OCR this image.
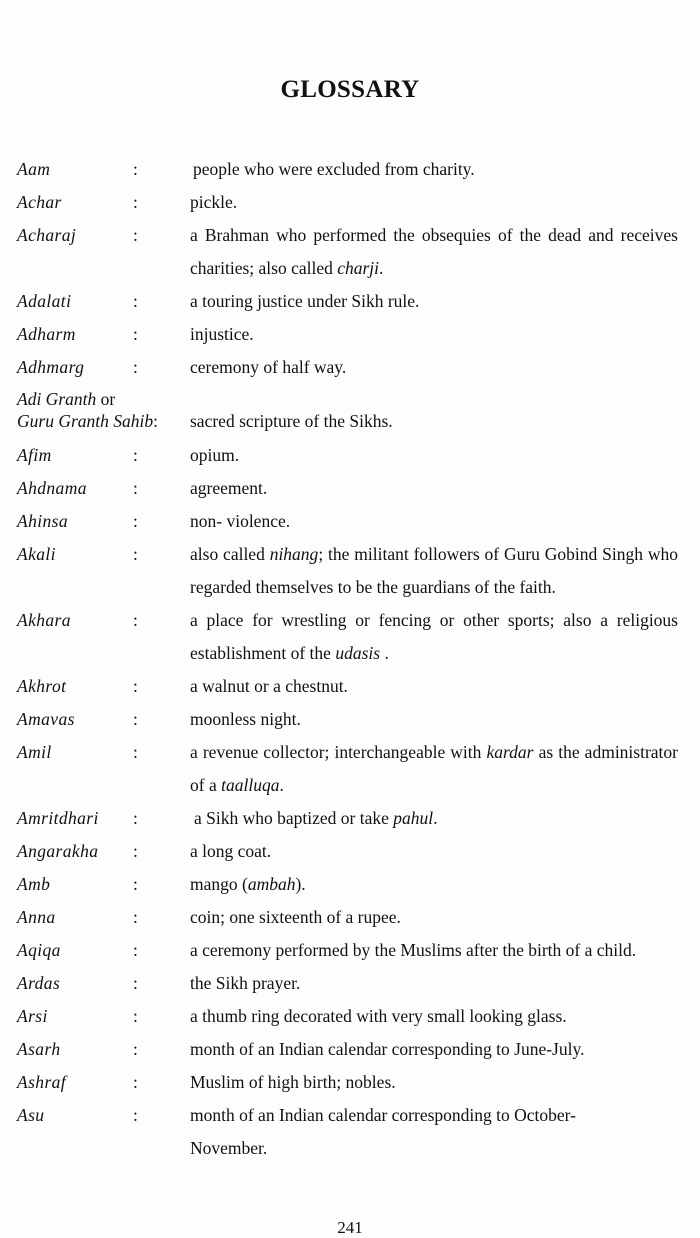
GLOSSARY
Aam	:	people who were excluded from charity.
Achar	:	pickle.
Acharaj	:	a Brahman who performed the obsequies of the dead and receives charities; also called charji.
Adalati	:	a touring justice under Sikh rule.
Adharm	:	injustice.
Adhmarg	:	ceremony of half way.
Adi Granth or
Guru Granth Sahib: sacred scripture of the Sikhs.
Afim	:	opium.
Ahdnama	:	agreement.
Ahinsa	:	non- violence.
Akali	:	also called nihang; the militant followers of Guru Gobind Singh who regarded themselves to be the guardians of the faith.
Akhara	:	a place for wrestling or fencing or other sports; also a religious establishment of the udasis .
Akhrot	:	a walnut or a chestnut.
Amavas	:	moonless night.
Amil	:	a revenue collector; interchangeable with kardar as the administrator of a taalluqa.
Amritdhari :	a Sikh who baptized or take pahul.
Angarakha :	a long coat.
Amb	:	mango (ambah).
Anna	:	coin; one sixteenth of a rupee.
Aqiqa	:	a ceremony performed by the Muslims after the birth of a child.
Ardas	:	the Sikh prayer.
Arsi	:	a thumb ring decorated with very small looking glass.
Asarh	:	month of an Indian calendar corresponding to June-July.
Ashraf	:	Muslim of high birth; nobles.
Asu	:	month of an Indian calendar corresponding to October-November.
241
